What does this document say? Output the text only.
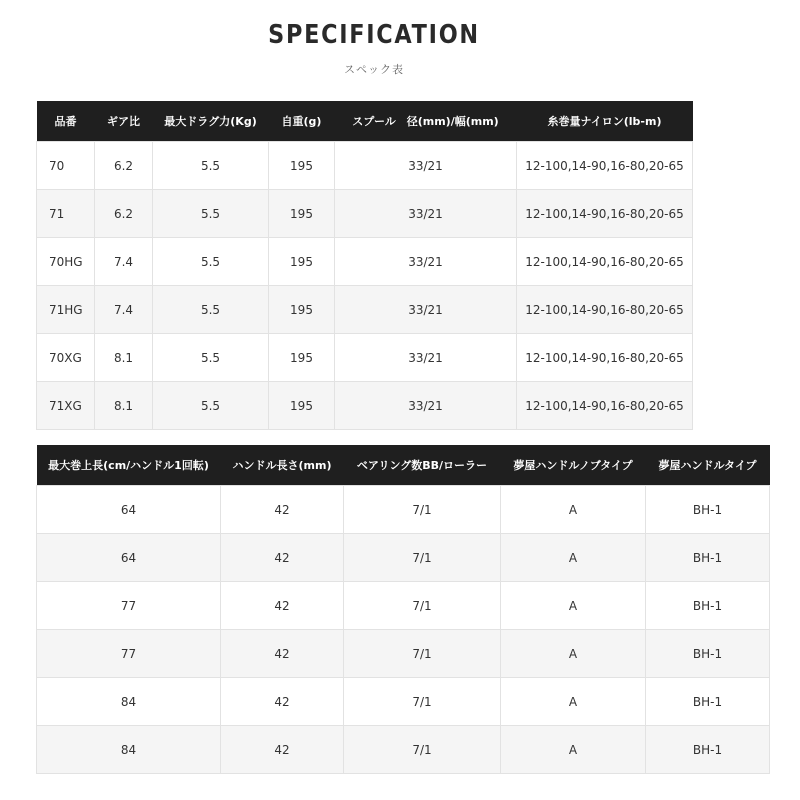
SPECIFICATION
スペック表
品番	ギア比	最大ドラグ力(Kg)	自重(g)	スプール　径(mm)/幅(mm)	糸巻量ナイロン(lb-m)
70	6.2	5.5	195	33/21	12-100,14-90,16-80,20-65
71	6.2	5.5	195	33/21	12-100,14-90,16-80,20-65
70HG	7.4	5.5	195	33/21	12-100,14-90,16-80,20-65
71HG	7.4	5.5	195	33/21	12-100,14-90,16-80,20-65
70XG	8.1	5.5	195	33/21	12-100,14-90,16-80,20-65
71XG	8.1	5.5	195	33/21	12-100,14-90,16-80,20-65
最大巻上長(cm/ハンドル1回転)	ハンドル長さ(mm)	ベアリング数BB/ローラー	夢屋ハンドルノブタイプ	夢屋ハンドルタイプ
64	42	7/1	A	BH-1
64	42	7/1	A	BH-1
77	42	7/1	A	BH-1
77	42	7/1	A	BH-1
84	42	7/1	A	BH-1
84	42	7/1	A	BH-1
